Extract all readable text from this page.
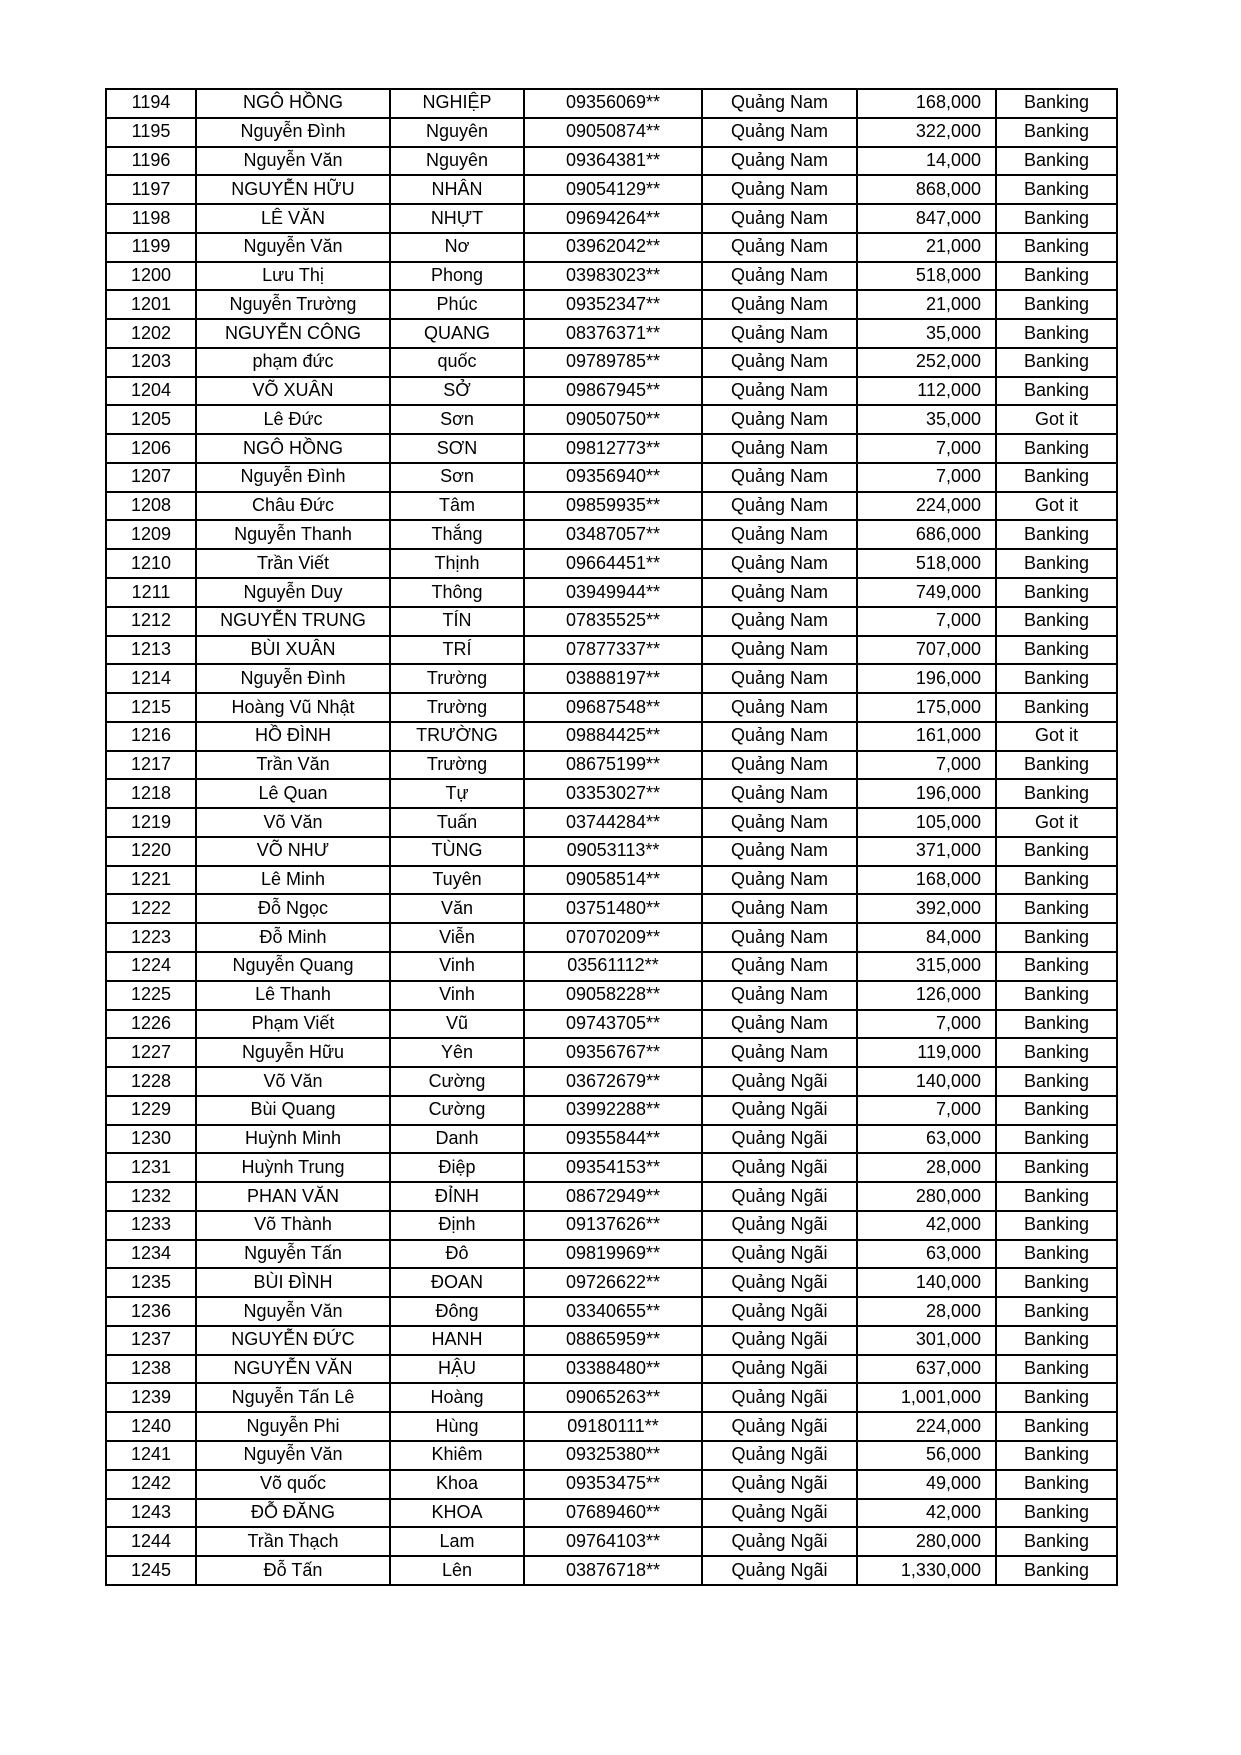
1194	NGÔ HỒNG	NGHIỆP	09356069**	Quảng Nam	168,000	Banking
1195	Nguyễn Đình	Nguyên	09050874**	Quảng Nam	322,000	Banking
1196	Nguyễn Văn	Nguyên	09364381**	Quảng Nam	14,000	Banking
1197	NGUYỄN HỮU	NHÂN	09054129**	Quảng Nam	868,000	Banking
1198	LÊ VĂN	NHỰT	09694264**	Quảng Nam	847,000	Banking
1199	Nguyễn Văn	Nơ	03962042**	Quảng Nam	21,000	Banking
1200	Lưu Thị	Phong	03983023**	Quảng Nam	518,000	Banking
1201	Nguyễn Trường	Phúc	09352347**	Quảng Nam	21,000	Banking
1202	NGUYỄN CÔNG	QUANG	08376371**	Quảng Nam	35,000	Banking
1203	phạm đức	quốc	09789785**	Quảng Nam	252,000	Banking
1204	VÕ XUÂN	SỞ	09867945**	Quảng Nam	112,000	Banking
1205	Lê Đức	Sơn	09050750**	Quảng Nam	35,000	Got it
1206	NGÔ HỒNG	SƠN	09812773**	Quảng Nam	7,000	Banking
1207	Nguyễn Đình	Sơn	09356940**	Quảng Nam	7,000	Banking
1208	Châu Đức	Tâm	09859935**	Quảng Nam	224,000	Got it
1209	Nguyễn Thanh	Thắng	03487057**	Quảng Nam	686,000	Banking
1210	Trần Viết	Thịnh	09664451**	Quảng Nam	518,000	Banking
1211	Nguyễn Duy	Thông	03949944**	Quảng Nam	749,000	Banking
1212	NGUYỄN TRUNG	TÍN	07835525**	Quảng Nam	7,000	Banking
1213	BÙI XUÂN	TRÍ	07877337**	Quảng Nam	707,000	Banking
1214	Nguyễn Đình	Trường	03888197**	Quảng Nam	196,000	Banking
1215	Hoàng Vũ Nhật	Trường	09687548**	Quảng Nam	175,000	Banking
1216	HỒ ĐÌNH	TRƯỜNG	09884425**	Quảng Nam	161,000	Got it
1217	Trần Văn	Trường	08675199**	Quảng Nam	7,000	Banking
1218	Lê Quan	Tự	03353027**	Quảng Nam	196,000	Banking
1219	Võ Văn	Tuấn	03744284**	Quảng Nam	105,000	Got it
1220	VÕ NHƯ	TÙNG	09053113**	Quảng Nam	371,000	Banking
1221	Lê Minh	Tuyên	09058514**	Quảng Nam	168,000	Banking
1222	Đỗ Ngọc	Văn	03751480**	Quảng Nam	392,000	Banking
1223	Đỗ Minh	Viễn	07070209**	Quảng Nam	84,000	Banking
1224	Nguyễn Quang	Vinh	03561112**	Quảng Nam	315,000	Banking
1225	Lê Thanh	Vinh	09058228**	Quảng Nam	126,000	Banking
1226	Phạm Viết	Vũ	09743705**	Quảng Nam	7,000	Banking
1227	Nguyễn Hữu	Yên	09356767**	Quảng Nam	119,000	Banking
1228	Võ Văn	Cường	03672679**	Quảng Ngãi	140,000	Banking
1229	Bùi Quang	Cường	03992288**	Quảng Ngãi	7,000	Banking
1230	Huỳnh Minh	Danh	09355844**	Quảng Ngãi	63,000	Banking
1231	Huỳnh Trung	Điệp	09354153**	Quảng Ngãi	28,000	Banking
1232	PHAN VĂN	ĐỈNH	08672949**	Quảng Ngãi	280,000	Banking
1233	Võ Thành	Định	09137626**	Quảng Ngãi	42,000	Banking
1234	Nguyễn Tấn	Đô	09819969**	Quảng Ngãi	63,000	Banking
1235	BÙI ĐÌNH	ĐOAN	09726622**	Quảng Ngãi	140,000	Banking
1236	Nguyễn Văn	Đông	03340655**	Quảng Ngãi	28,000	Banking
1237	NGUYỄN ĐỨC	HANH	08865959**	Quảng Ngãi	301,000	Banking
1238	NGUYỄN VĂN	HẬU	03388480**	Quảng Ngãi	637,000	Banking
1239	Nguyễn Tấn Lê	Hoàng	09065263**	Quảng Ngãi	1,001,000	Banking
1240	Nguyễn Phi	Hùng	09180111**	Quảng Ngãi	224,000	Banking
1241	Nguyễn Văn	Khiêm	09325380**	Quảng Ngãi	56,000	Banking
1242	Võ quốc	Khoa	09353475**	Quảng Ngãi	49,000	Banking
1243	ĐỖ ĐĂNG	KHOA	07689460**	Quảng Ngãi	42,000	Banking
1244	Trần Thạch	Lam	09764103**	Quảng Ngãi	280,000	Banking
1245	Đỗ Tấn	Lên	03876718**	Quảng Ngãi	1,330,000	Banking
